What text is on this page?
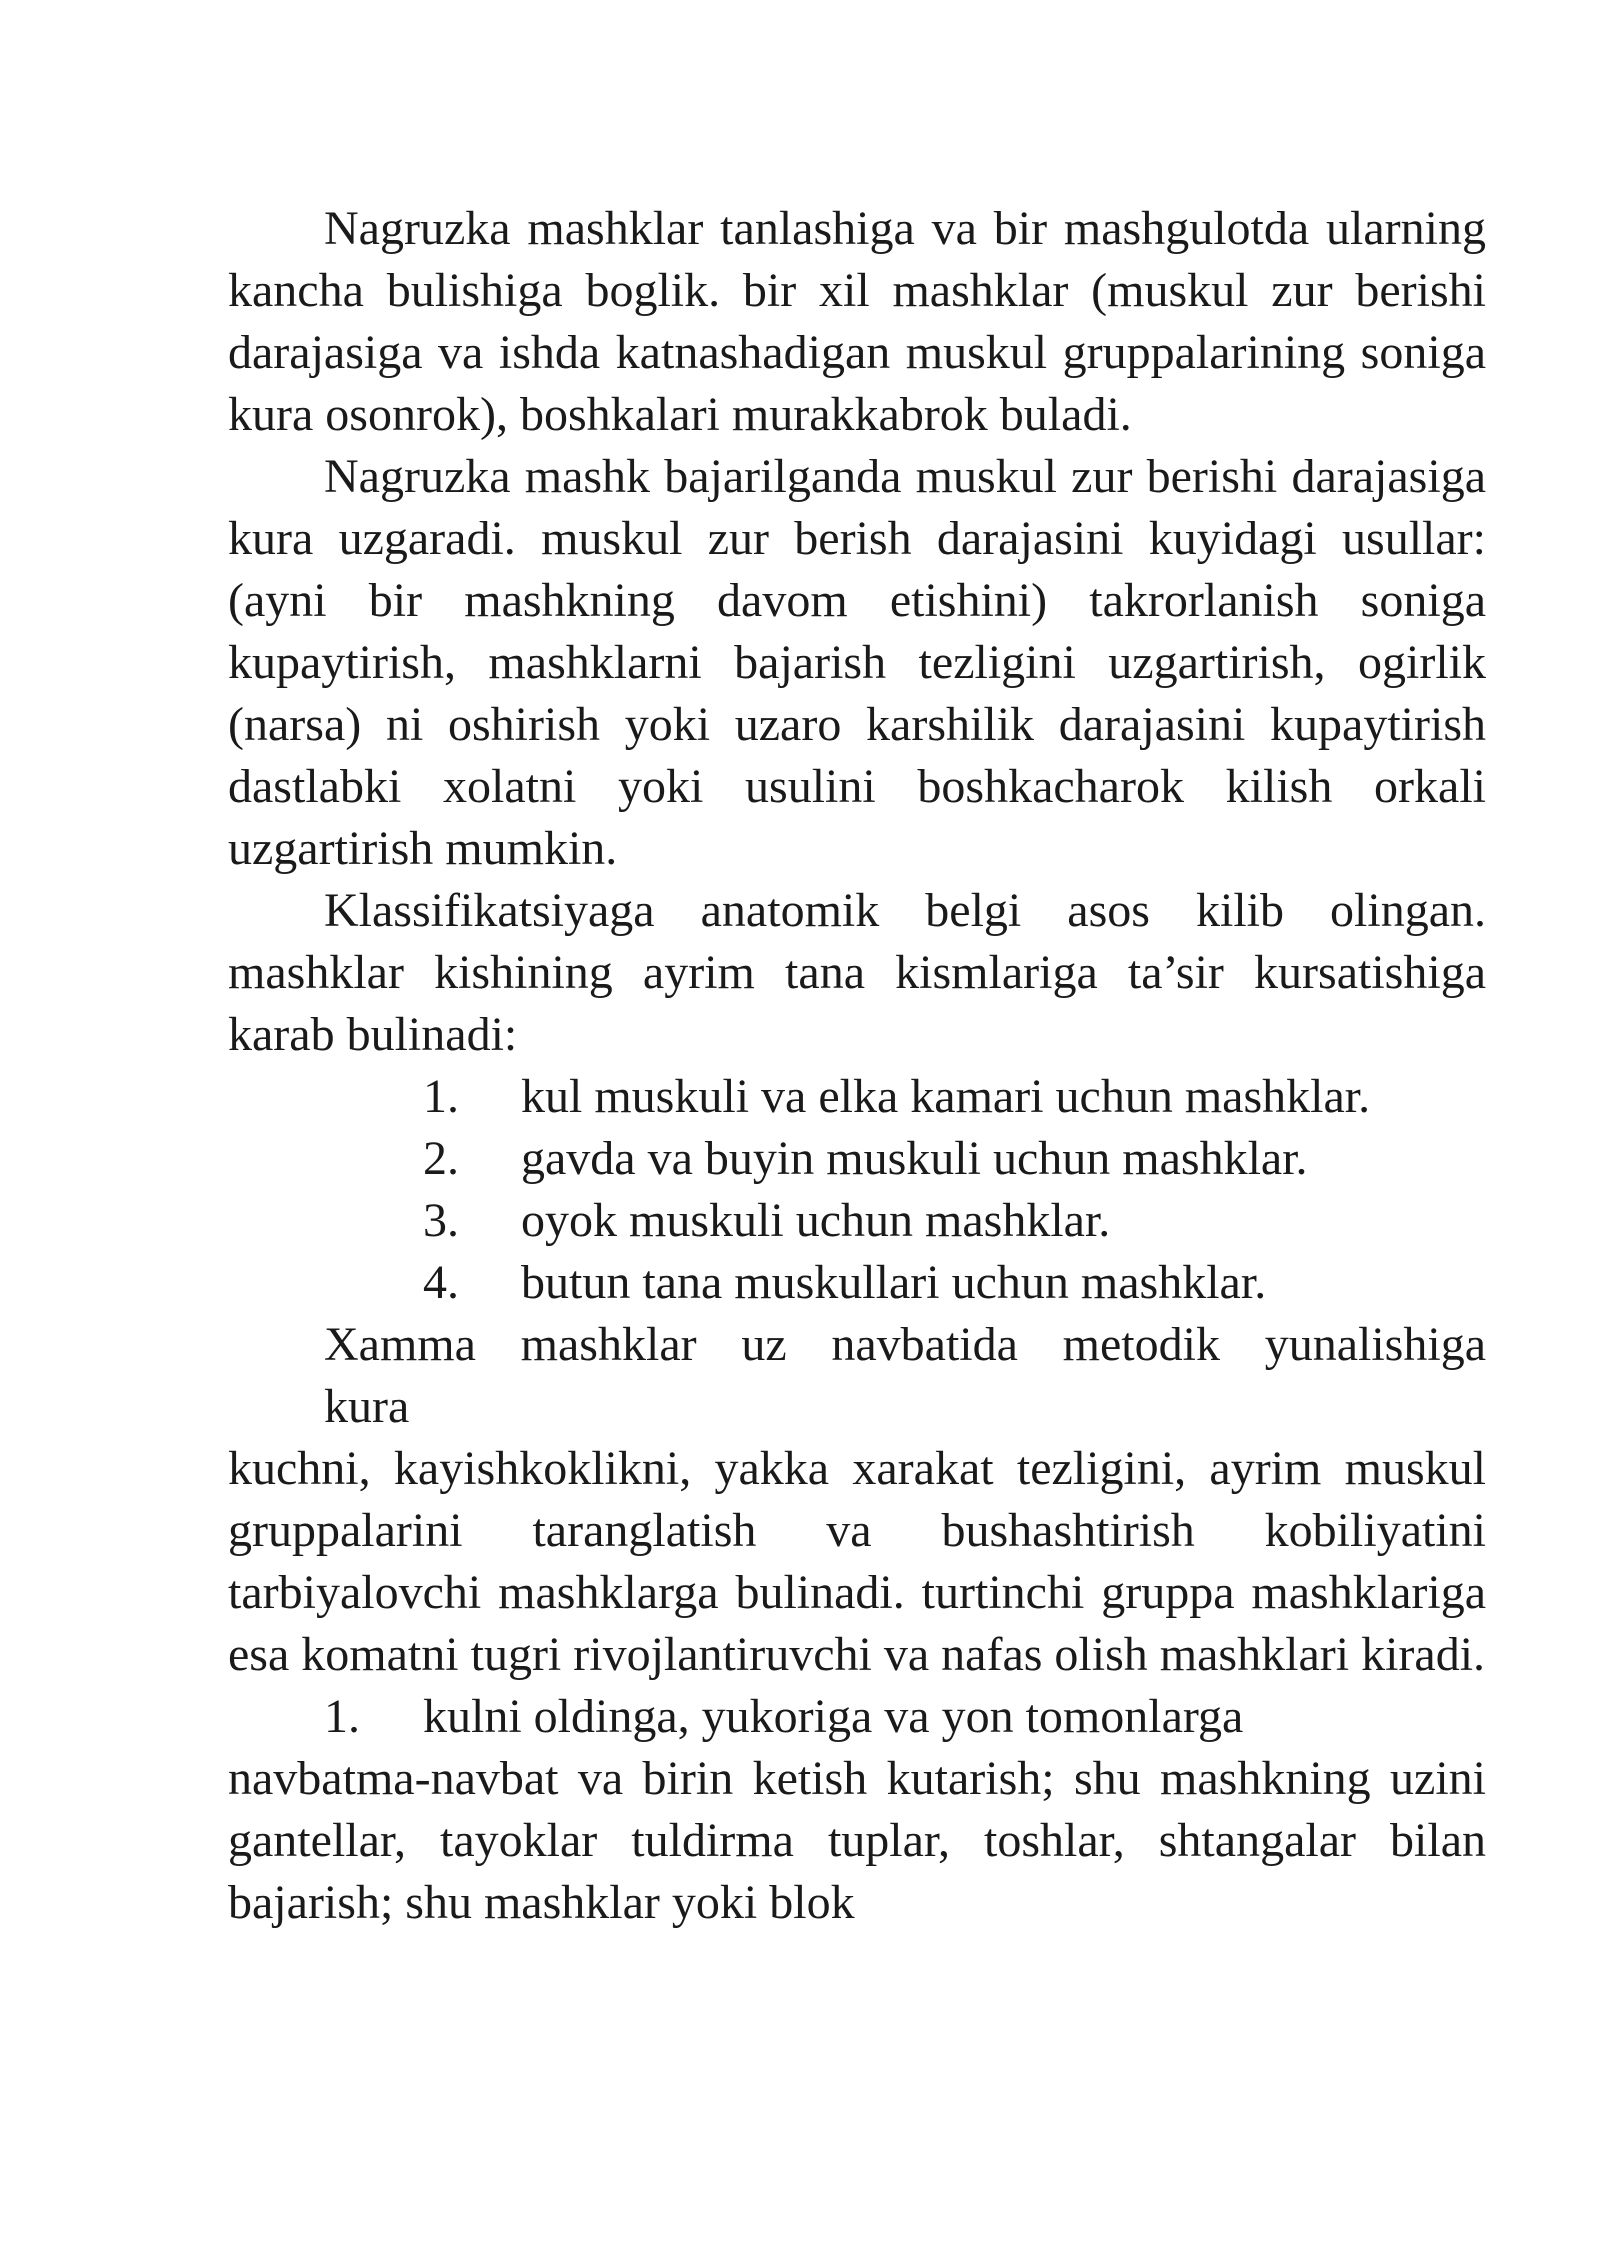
Nagruzka mashklar tanlashiga va bir mashgulotda ularning kancha bulishiga boglik. bir xil mashklar (muskul zur berishi darajasiga va ishda katnashadigan muskul gruppalarining soniga kura osonrok), boshkalari murakkabrok buladi.

Nagruzka mashk bajarilganda muskul zur berishi darajasiga kura uzgaradi. muskul zur berish darajasini kuyidagi usullar: (ayni bir mashkning davom etishini) takrorlanish soniga kupaytirish, mashklarni bajarish tezligini uzgartirish, ogirlik (narsa) ni oshirish yoki uzaro karshilik darajasini kupaytirish dastlabki xolatni yoki usulini boshkacharok kilish orkali uzgartirish mumkin.

Klassifikatsiyaga anatomik belgi asos kilib olingan. mashklar kishining ayrim tana kismlariga ta’sir kursatishiga karab bulinadi:

1. kul muskuli va elka kamari uchun mashklar.
2. gavda va buyin muskuli uchun mashklar.
3. oyok muskuli uchun mashklar.
4. butun tana muskullari uchun mashklar.
Xamma mashklar uz navbatida metodik yunalishiga
kura

kuchni, kayishkoklikni, yakka xarakat tezligini, ayrim muskul gruppalarini taranglatish va bushashtirish kobiliyatini tarbiyalovchi mashklarga bulinadi. turtinchi gruppa mashklariga esa komatni tugri rivojlantiruvchi va nafas olish mashklari kiradi.

1. kulni oldinga, yukoriga va yon tomonlarga

navbatma-navbat va birin ketish kutarish; shu mashkning uzini gantellar, tayoklar tuldirma tuplar, toshlar, shtangalar bilan bajarish; shu mashklar yoki blok
